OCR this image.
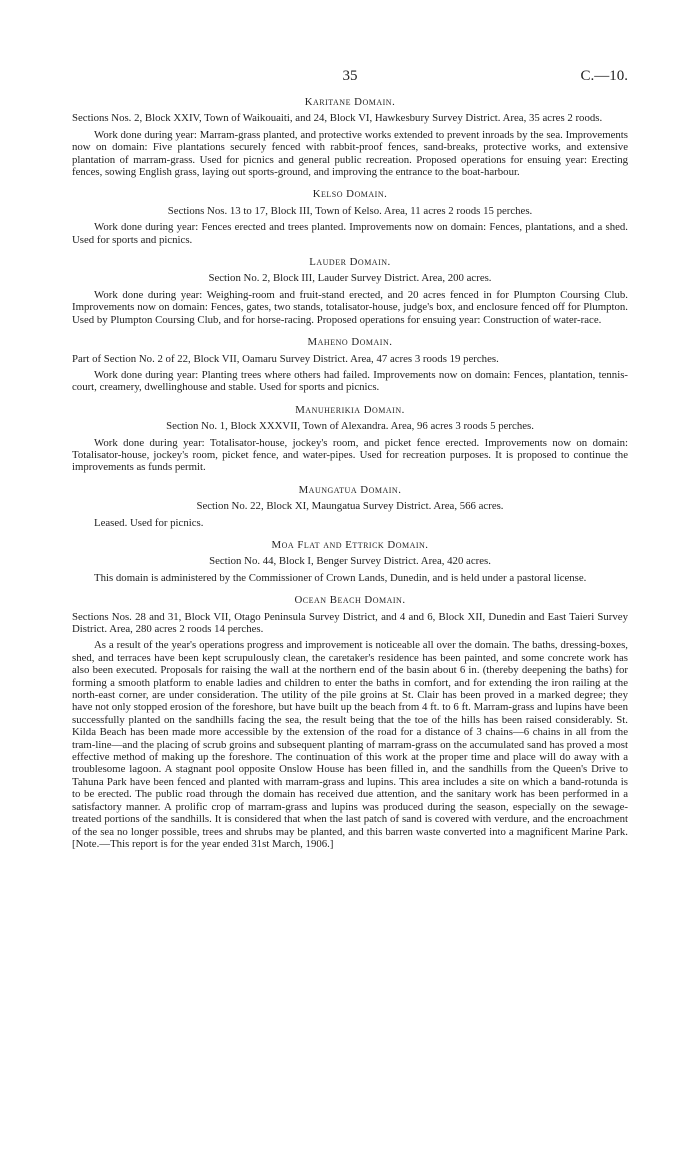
35	C.—10.
Karitane Domain.
Sections Nos. 2, Block XXIV, Town of Waikouaiti, and 24, Block VI, Hawkesbury Survey District. Area, 35 acres 2 roods.

Work done during year: Marram-grass planted, and protective works extended to prevent inroads by the sea. Improvements now on domain: Five plantations securely fenced with rabbit-proof fences, sand-breaks, protective works, and extensive plantation of marram-grass. Used for picnics and general public recreation. Proposed operations for ensuing year: Erecting fences, sowing English grass, laying out sports-ground, and improving the entrance to the boat-harbour.

Kelso Domain.
Sections Nos. 13 to 17, Block III, Town of Kelso. Area, 11 acres 2 roods 15 perches.

Work done during year: Fences erected and trees planted. Improvements now on domain: Fences, plantations, and a shed. Used for sports and picnics.

Lauder Domain.
Section No. 2, Block III, Lauder Survey District. Area, 200 acres.

Work done during year: Weighing-room and fruit-stand erected, and 20 acres fenced in for Plumpton Coursing Club. Improvements now on domain: Fences, gates, two stands, totalisator-house, judge's box, and enclosure fenced off for Plumpton. Used by Plumpton Coursing Club, and for horse-racing. Proposed operations for ensuing year: Construction of water-race.

Maheno Domain.
Part of Section No. 2 of 22, Block VII, Oamaru Survey District. Area, 47 acres 3 roods 19 perches.

Work done during year: Planting trees where others had failed. Improvements now on domain: Fences, plantation, tennis-court, creamery, dwellinghouse and stable. Used for sports and picnics.

Manuherikia Domain.
Section No. 1, Block XXXVII, Town of Alexandra. Area, 96 acres 3 roods 5 perches.

Work done during year: Totalisator-house, jockey's room, and picket fence erected. Improvements now on domain: Totalisator-house, jockey's room, picket fence, and water-pipes. Used for recreation purposes. It is proposed to continue the improvements as funds permit.

Maungatua Domain.
Section No. 22, Block XI, Maungatua Survey District. Area, 566 acres.

Leased. Used for picnics.

Moa Flat and Ettrick Domain.
Section No. 44, Block I, Benger Survey District. Area, 420 acres.

This domain is administered by the Commissioner of Crown Lands, Dunedin, and is held under a pastoral license.

Ocean Beach Domain.
Sections Nos. 28 and 31, Block VII, Otago Peninsula Survey District, and 4 and 6, Block XII, Dunedin and East Taieri Survey District. Area, 280 acres 2 roods 14 perches.

As a result of the year's operations progress and improvement is noticeable all over the domain. The baths, dressing-boxes, shed, and terraces have been kept scrupulously clean, the caretaker's residence has been painted, and some concrete work has also been executed. Proposals for raising the wall at the northern end of the basin about 6 in. (thereby deepening the baths) for forming a smooth platform to enable ladies and children to enter the baths in comfort, and for extending the iron railing at the north-east corner, are under consideration. The utility of the pile groins at St. Clair has been proved in a marked degree; they have not only stopped erosion of the foreshore, but have built up the beach from 4 ft. to 6 ft. Marram-grass and lupins have been successfully planted on the sandhills facing the sea, the result being that the toe of the hills has been raised considerably. St. Kilda Beach has been made more accessible by the extension of the road for a distance of 3 chains—6 chains in all from the tram-line—and the placing of scrub groins and subsequent planting of marram-grass on the accumulated sand has proved a most effective method of making up the foreshore. The continuation of this work at the proper time and place will do away with a troublesome lagoon. A stagnant pool opposite Onslow House has been filled in, and the sandhills from the Queen's Drive to Tahuna Park have been fenced and planted with marram-grass and lupins. This area includes a site on which a band-rotunda is to be erected. The public road through the domain has received due attention, and the sanitary work has been performed in a satisfactory manner. A prolific crop of marram-grass and lupins was produced during the season, especially on the sewage-treated portions of the sandhills. It is considered that when the last patch of sand is covered with verdure, and the encroachment of the sea no longer possible, trees and shrubs may be planted, and this barren waste converted into a magnificent Marine Park. [Note.—This report is for the year ended 31st March, 1906.]
